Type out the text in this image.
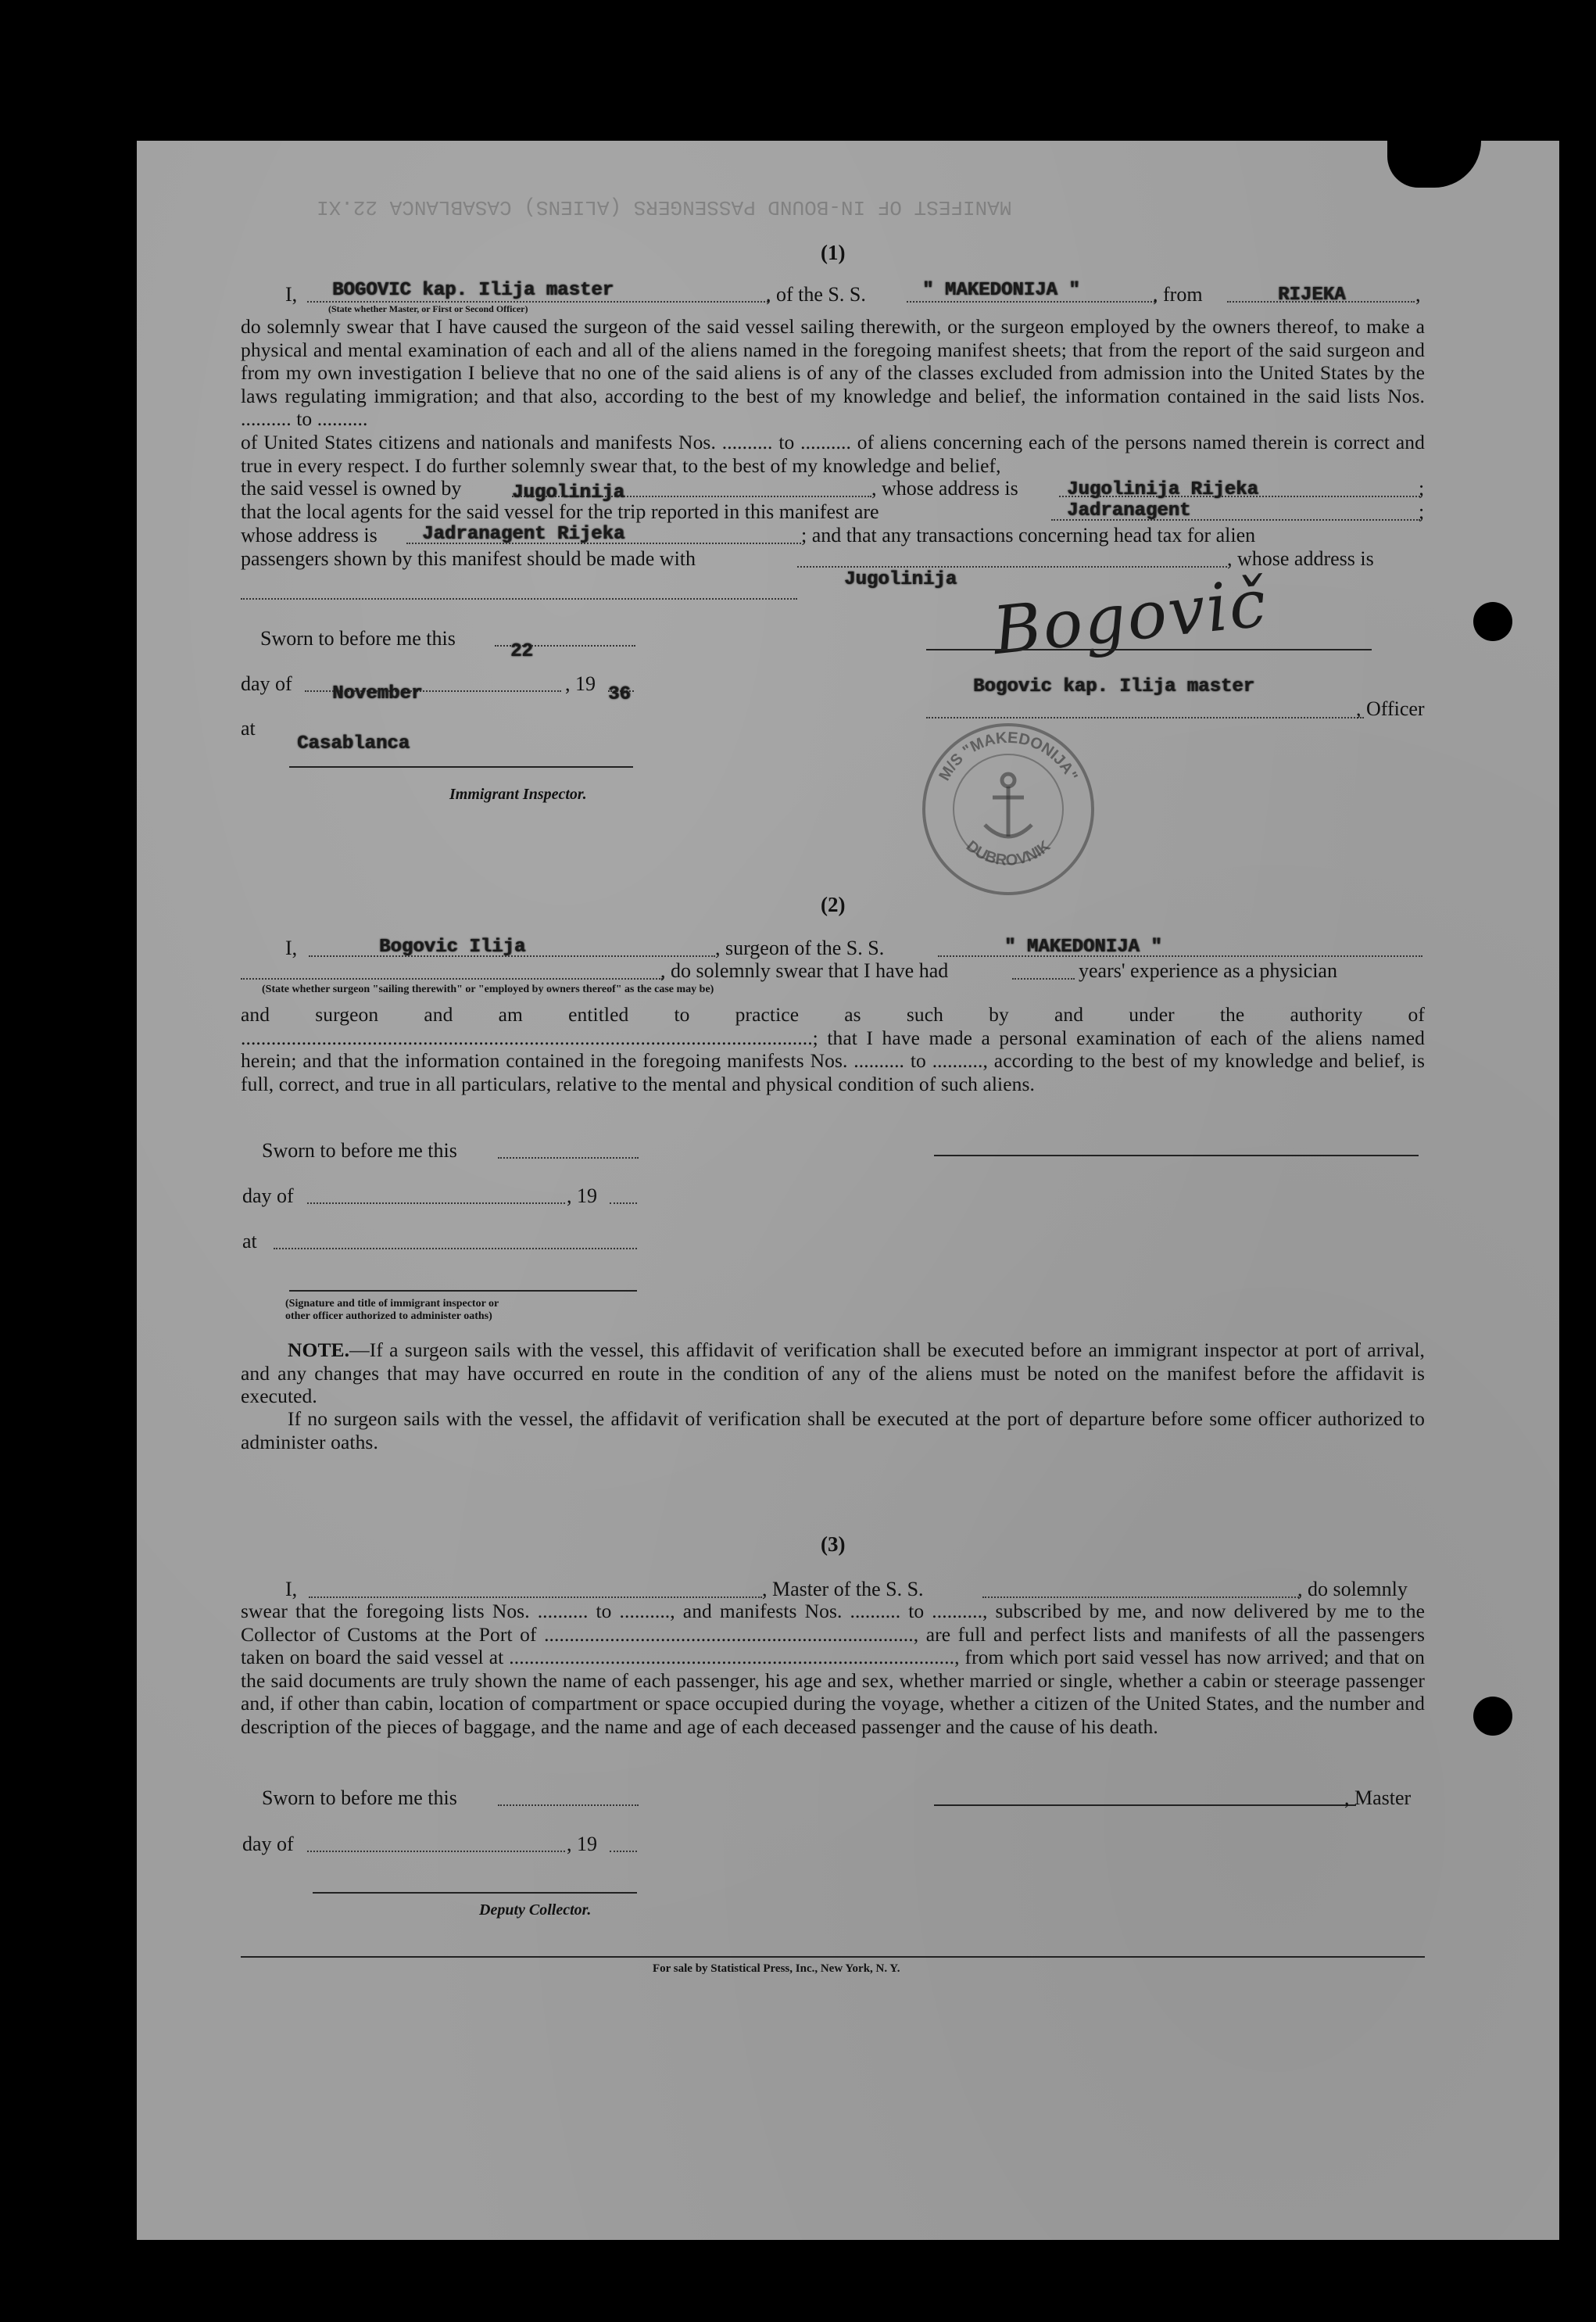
MANIFEST OF IN-BOUND PASSENGERS (ALIENS) CASABLANCA 22.XI
(1)
I, BOGOVIC kap. Ilija master
(State whether Master, or First or Second Officer)
, of the S. S.	" MAKEDONIJA "	, from	RIJEKA	,
do solemnly swear that I have caused the surgeon of the said vessel sailing therewith, or the surgeon employed by the owners thereof, to make a physical and mental examination of each and all of the aliens named in the foregoing manifest sheets; that from the report of the said surgeon and from my own investigation I believe that no one of the said aliens is of any of the classes excluded from admission into the United States by the laws regulating immigration; and that also, according to the best of my knowledge and belief, the information contained in the said lists Nos. .......... to ..........
of United States citizens and nationals and manifests Nos. .......... to .......... of aliens concerning each of the persons named therein is correct and true in every respect. I do further solemnly swear that, to the best of my knowledge and belief,
the said vessel is owned by	Jugolinija	, whose address is	Jugolinija Rijeka	;
that the local agents for the said vessel for the trip reported in this manifest are	Jadranagent	;
whose address is Jadranagent Rijeka	; and that any transactions concerning head tax for alien
passengers shown by this manifest should be made with
Jugolinija
, whose address is
Sworn to before me this
22
day of November	, 19 36
at
Casablanca
Immigrant Inspector.
Bogovič
Bogovic kap. Ilija master
, Officer
M/S "MAKEDONIJA"
DUBROVNIK
(2)
I,	Bogovic Ilija	, surgeon of the S. S.	" MAKEDONIJA "
, do solemnly swear that I have had	years' experience as a physician
(State whether surgeon "sailing therewith" or "employed by owners thereof" as the case may be)
and surgeon and am entitled to practice as such by and under the authority of .................................................................................................................; that I have made a personal examination of each of the aliens named herein; and that the information contained in the foregoing manifests Nos. .......... to .........., according to the best of my knowledge and belief, is full, correct, and true in all particulars, relative to the mental and physical condition of such aliens.
Sworn to before me this
day of	, 19
at
(Signature and title of immigrant inspector or
other officer authorized to administer oaths)
NOTE.—If a surgeon sails with the vessel, this affidavit of verification shall be executed before an immigrant inspector at port of arrival, and any changes that may have occurred en route in the condition of any of the aliens must be noted on the manifest before the affidavit is executed.
If no surgeon sails with the vessel, the affidavit of verification shall be executed at the port of departure before some officer authorized to administer oaths.
(3)
I,	, Master of the S. S.	, do solemnly
swear that the foregoing lists Nos. .......... to .........., and manifests Nos. .......... to .........., subscribed by me, and now delivered by me to the Collector of Customs at the Port of ........................................................................., are full and perfect lists and manifests of all the passengers taken on board the said vessel at ........................................................................................, from which port said vessel has now arrived; and that on the said documents are truly shown the name of each passenger, his age and sex, whether married or single, whether a cabin or steerage passenger and, if other than cabin, location of compartment or space occupied during the voyage, whether a citizen of the United States, and the number and description of the pieces of baggage, and the name and age of each deceased passenger and the cause of his death.
Sworn to before me this	, Master
day of	, 19
Deputy Collector.
For sale by Statistical Press, Inc., New York, N. Y.
